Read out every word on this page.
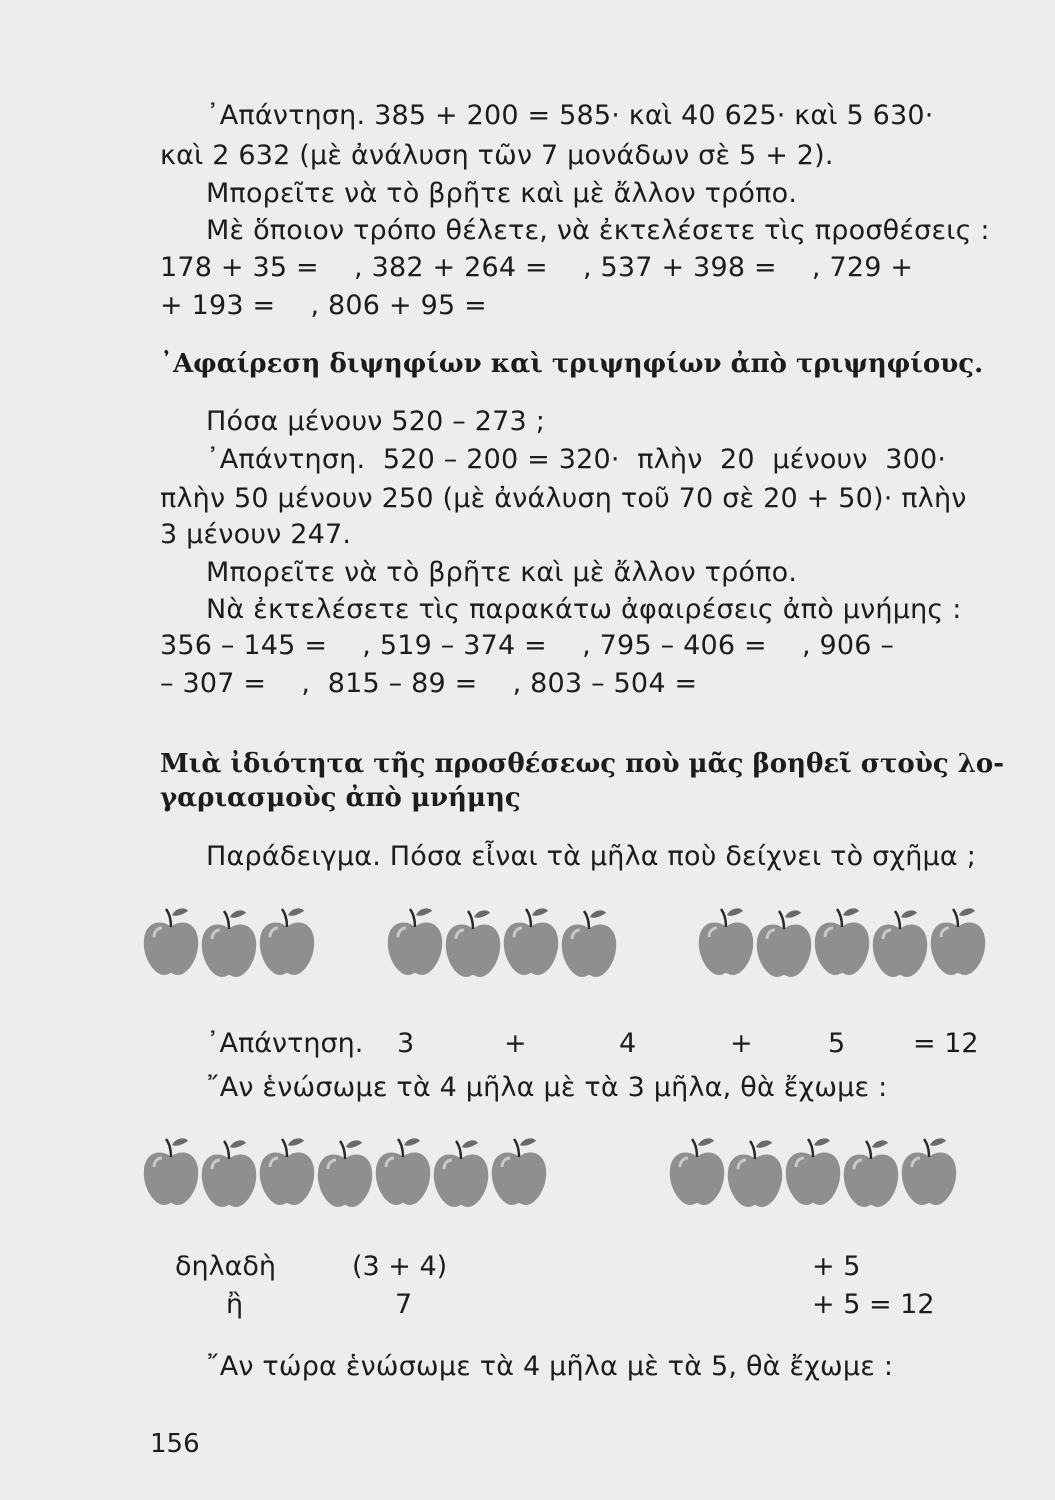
᾿Απάντηση. 385 + 200 = 585· καὶ 40 625· καὶ 5 630·
καὶ 2 632 (μὲ ἀνάλυση τῶν 7 μονάδων σὲ 5 + 2).
Μπορεῖτε νὰ τὸ βρῆτε καὶ μὲ ἄλλον τρόπο.
Μὲ ὅποιον τρόπο θέλετε, νὰ ἐκτελέσετε τὶς προσθέσεις :
178 + 35 =    , 382 + 264 =    , 537 + 398 =    , 729 +
+ 193 =    , 806 + 95 =
᾿Αφαίρεση διψηφίων καὶ τριψηφίων ἀπὸ τριψηφίους.
Πόσα μένουν 520 – 273 ;
᾿Απάντηση.  520 – 200 = 320·  πλὴν  20  μένουν  300·
πλὴν 50 μένουν 250 (μὲ ἀνάλυση τοῦ 70 σὲ 20 + 50)· πλὴν
3 μένουν 247.
Μπορεῖτε νὰ τὸ βρῆτε καὶ μὲ ἄλλον τρόπο.
Νὰ ἐκτελέσετε τὶς παρακάτω ἀφαιρέσεις ἀπὸ μνήμης :
356 – 145 =    , 519 – 374 =    , 795 – 406 =    , 906 –
– 307 =    ,  815 – 89 =    , 803 – 504 =
Μιὰ ἰδιότητα τῆς προσθέσεως ποὺ μᾶς βοηθεῖ στοὺς λο-
γαριασμοὺς ἀπὸ μνήμης
Παράδειγμα. Πόσα εἶναι τὰ μῆλα ποὺ δείχνει τὸ σχῆμα ;
᾿Απάντηση. 3	+	4	+	5	= 12
῎Αν ἑνώσωμε τὰ 4 μῆλα μὲ τὰ 3 μῆλα, θὰ ἔχωμε :
δηλαδὴ	(3 + 4)	+ 5
ἢ	7	+ 5 = 12
῎Αν τώρα ἑνώσωμε τὰ 4 μῆλα μὲ τὰ 5, θὰ ἔχωμε :
156
